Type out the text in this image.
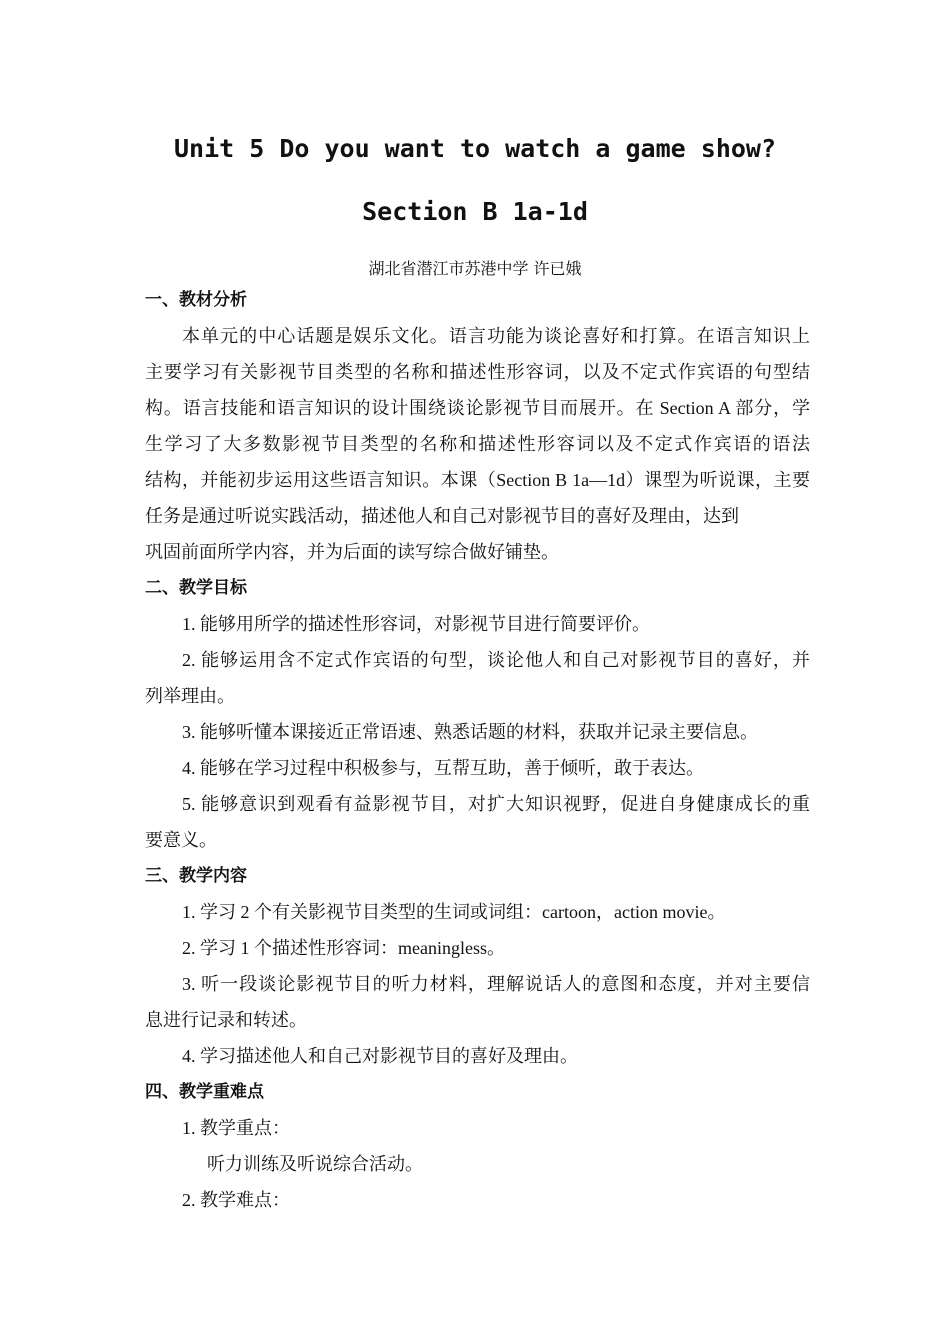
Unit 5 Do you want to watch a game show?
Section B 1a-1d
湖北省潜江市苏港中学 许已娥
一、教材分析
本单元的中心话题是娱乐文化。语言功能为谈论喜好和打算。在语言知识上
主要学习有关影视节目类型的名称和描述性形容词，以及不定式作宾语的句型结
构。语言技能和语言知识的设计围绕谈论影视节目而展开。在 Section A 部分，学
生学习了大多数影视节目类型的名称和描述性形容词以及不定式作宾语的语法
结构，并能初步运用这些语言知识。本课（Section B 1a—1d）课型为听说课，主要
任务是通过听说实践活动，描述他人和自己对影视节目的喜好及理由，达到
巩固前面所学内容，并为后面的读写综合做好铺垫。
二、教学目标
1. 能够用所学的描述性形容词，对影视节目进行简要评价。
2. 能够运用含不定式作宾语的句型，谈论他人和自己对影视节目的喜好，并
列举理由。
3. 能够听懂本课接近正常语速、熟悉话题的材料，获取并记录主要信息。
4. 能够在学习过程中积极参与，互帮互助，善于倾听，敢于表达。
5. 能够意识到观看有益影视节目，对扩大知识视野，促进自身健康成长的重
要意义。
三、教学内容
1. 学习 2 个有关影视节目类型的生词或词组：cartoon，action movie。
2. 学习 1 个描述性形容词：meaningless。
3. 听一段谈论影视节目的听力材料，理解说话人的意图和态度，并对主要信
息进行记录和转述。
4. 学习描述他人和自己对影视节目的喜好及理由。
四、教学重难点
1. 教学重点：
听力训练及听说综合活动。
2. 教学难点：
